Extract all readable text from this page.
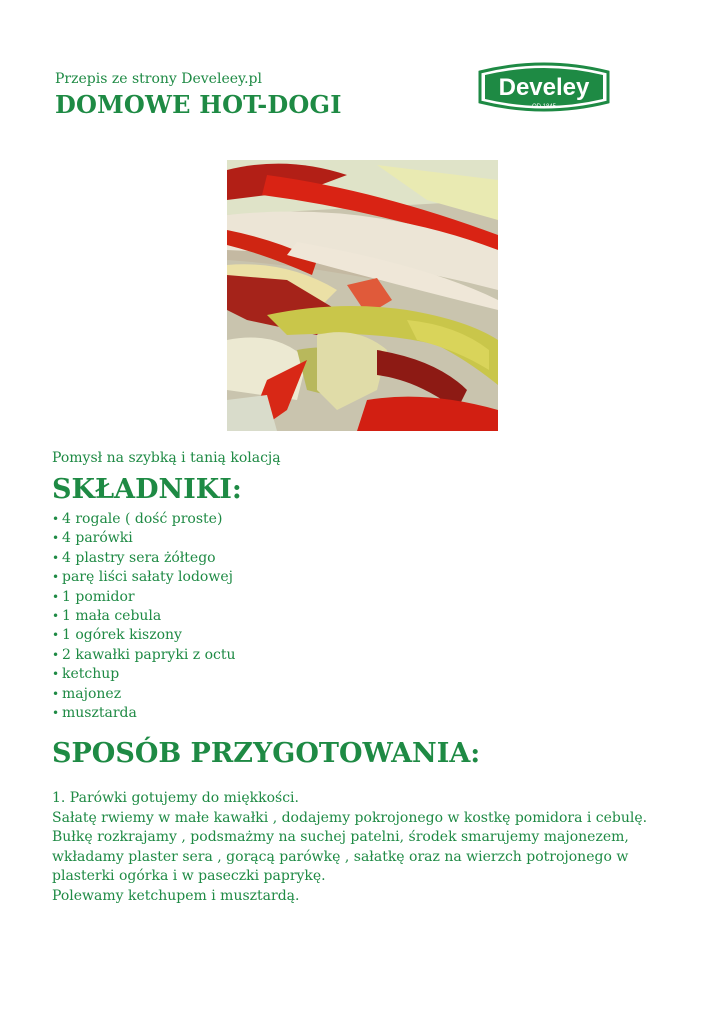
Przepis ze strony Develeey.pl
DOMOWE HOT-DOGI
Develey
OD 1845
Pomysł na szybką i tanią kolacją
SKŁADNIKI:
• 4 rogale ( dość proste)
• 4 parówki
• 4 plastry sera żółtego
• parę liści sałaty lodowej
• 1 pomidor
• 1 mała cebula
• 1 ogórek kiszony
• 2 kawałki papryki z octu
• ketchup
• majonez
• musztarda
SPOSÓB PRZYGOTOWANIA:

1. Parówki gotujemy do miękkości.

Sałatę rwiemy w małe kawałki , dodajemy pokrojonego w kostkę pomidora i cebulę.

Bułkę rozkrajamy , podsmażmy na suchej patelni, środek smarujemy majonezem, wkładamy plaster sera , gorącą parówkę , sałatkę oraz na wierzch potrojonego w plasterki ogórka i w paseczki paprykę.

Polewamy ketchupem i musztardą.
